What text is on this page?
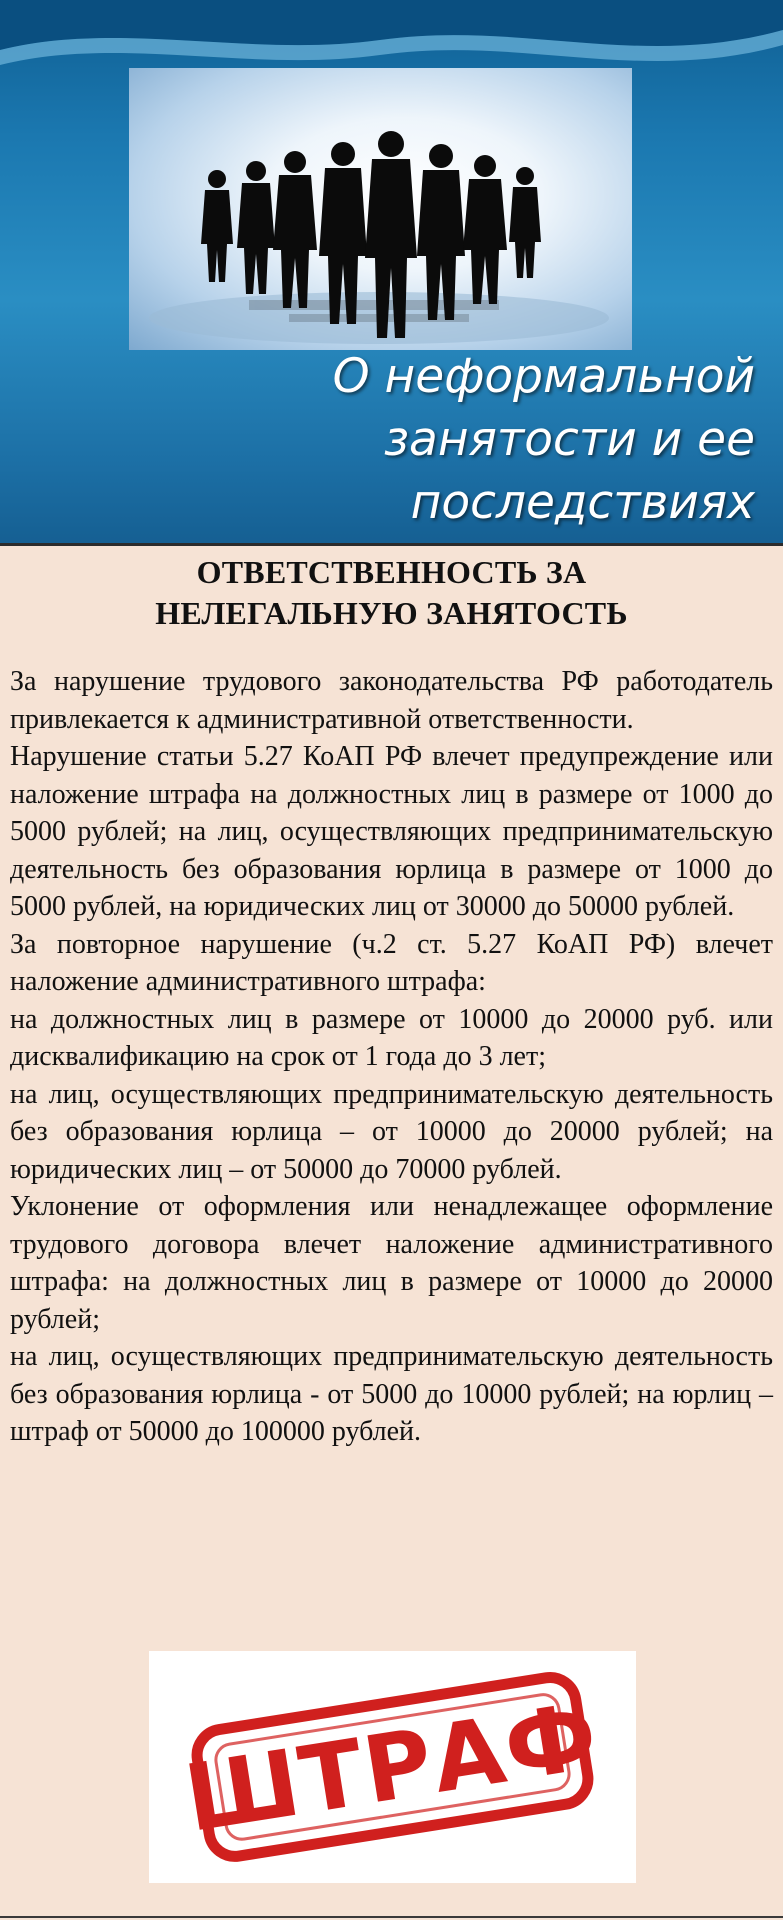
О неформальной
занятости и ее
последствиях
ОТВЕТСТВЕННОСТЬ ЗА
НЕЛЕГАЛЬНУЮ ЗАНЯТОСТЬ

За нарушение трудового законодательства РФ работодатель привлекается к административной ответственности.

Нарушение статьи 5.27 КоАП РФ влечет предупреждение или наложение штрафа на должностных лиц в размере от 1000 до 5000 рублей; на лиц, осуществляющих предпринимательскую деятельность без образования юрлица в размере от 1000 до 5000 рублей, на юридических лиц от 30000 до 50000 рублей.

За повторное нарушение (ч.2 ст. 5.27 КоАП РФ) влечет наложение административного штрафа:

на должностных лиц в размере от 10000 до 20000 руб. или дисквалификацию на срок от 1 года до 3 лет;

на лиц, осуществляющих предпринимательскую деятельность без образования юрлица – от 10000 до 20000 рублей; на юридических лиц – от 50000 до 70000 рублей.

Уклонение от оформления или ненадлежащее оформление трудового договора влечет наложение административного штрафа: на должностных лиц в размере от 10000 до 20000 рублей;

на лиц, осуществляющих предпринимательскую деятельность без образования юрлица - от 5000 до 10000 рублей; на юрлиц – штраф от 50000 до 100000 рублей.

ШТРАФ
